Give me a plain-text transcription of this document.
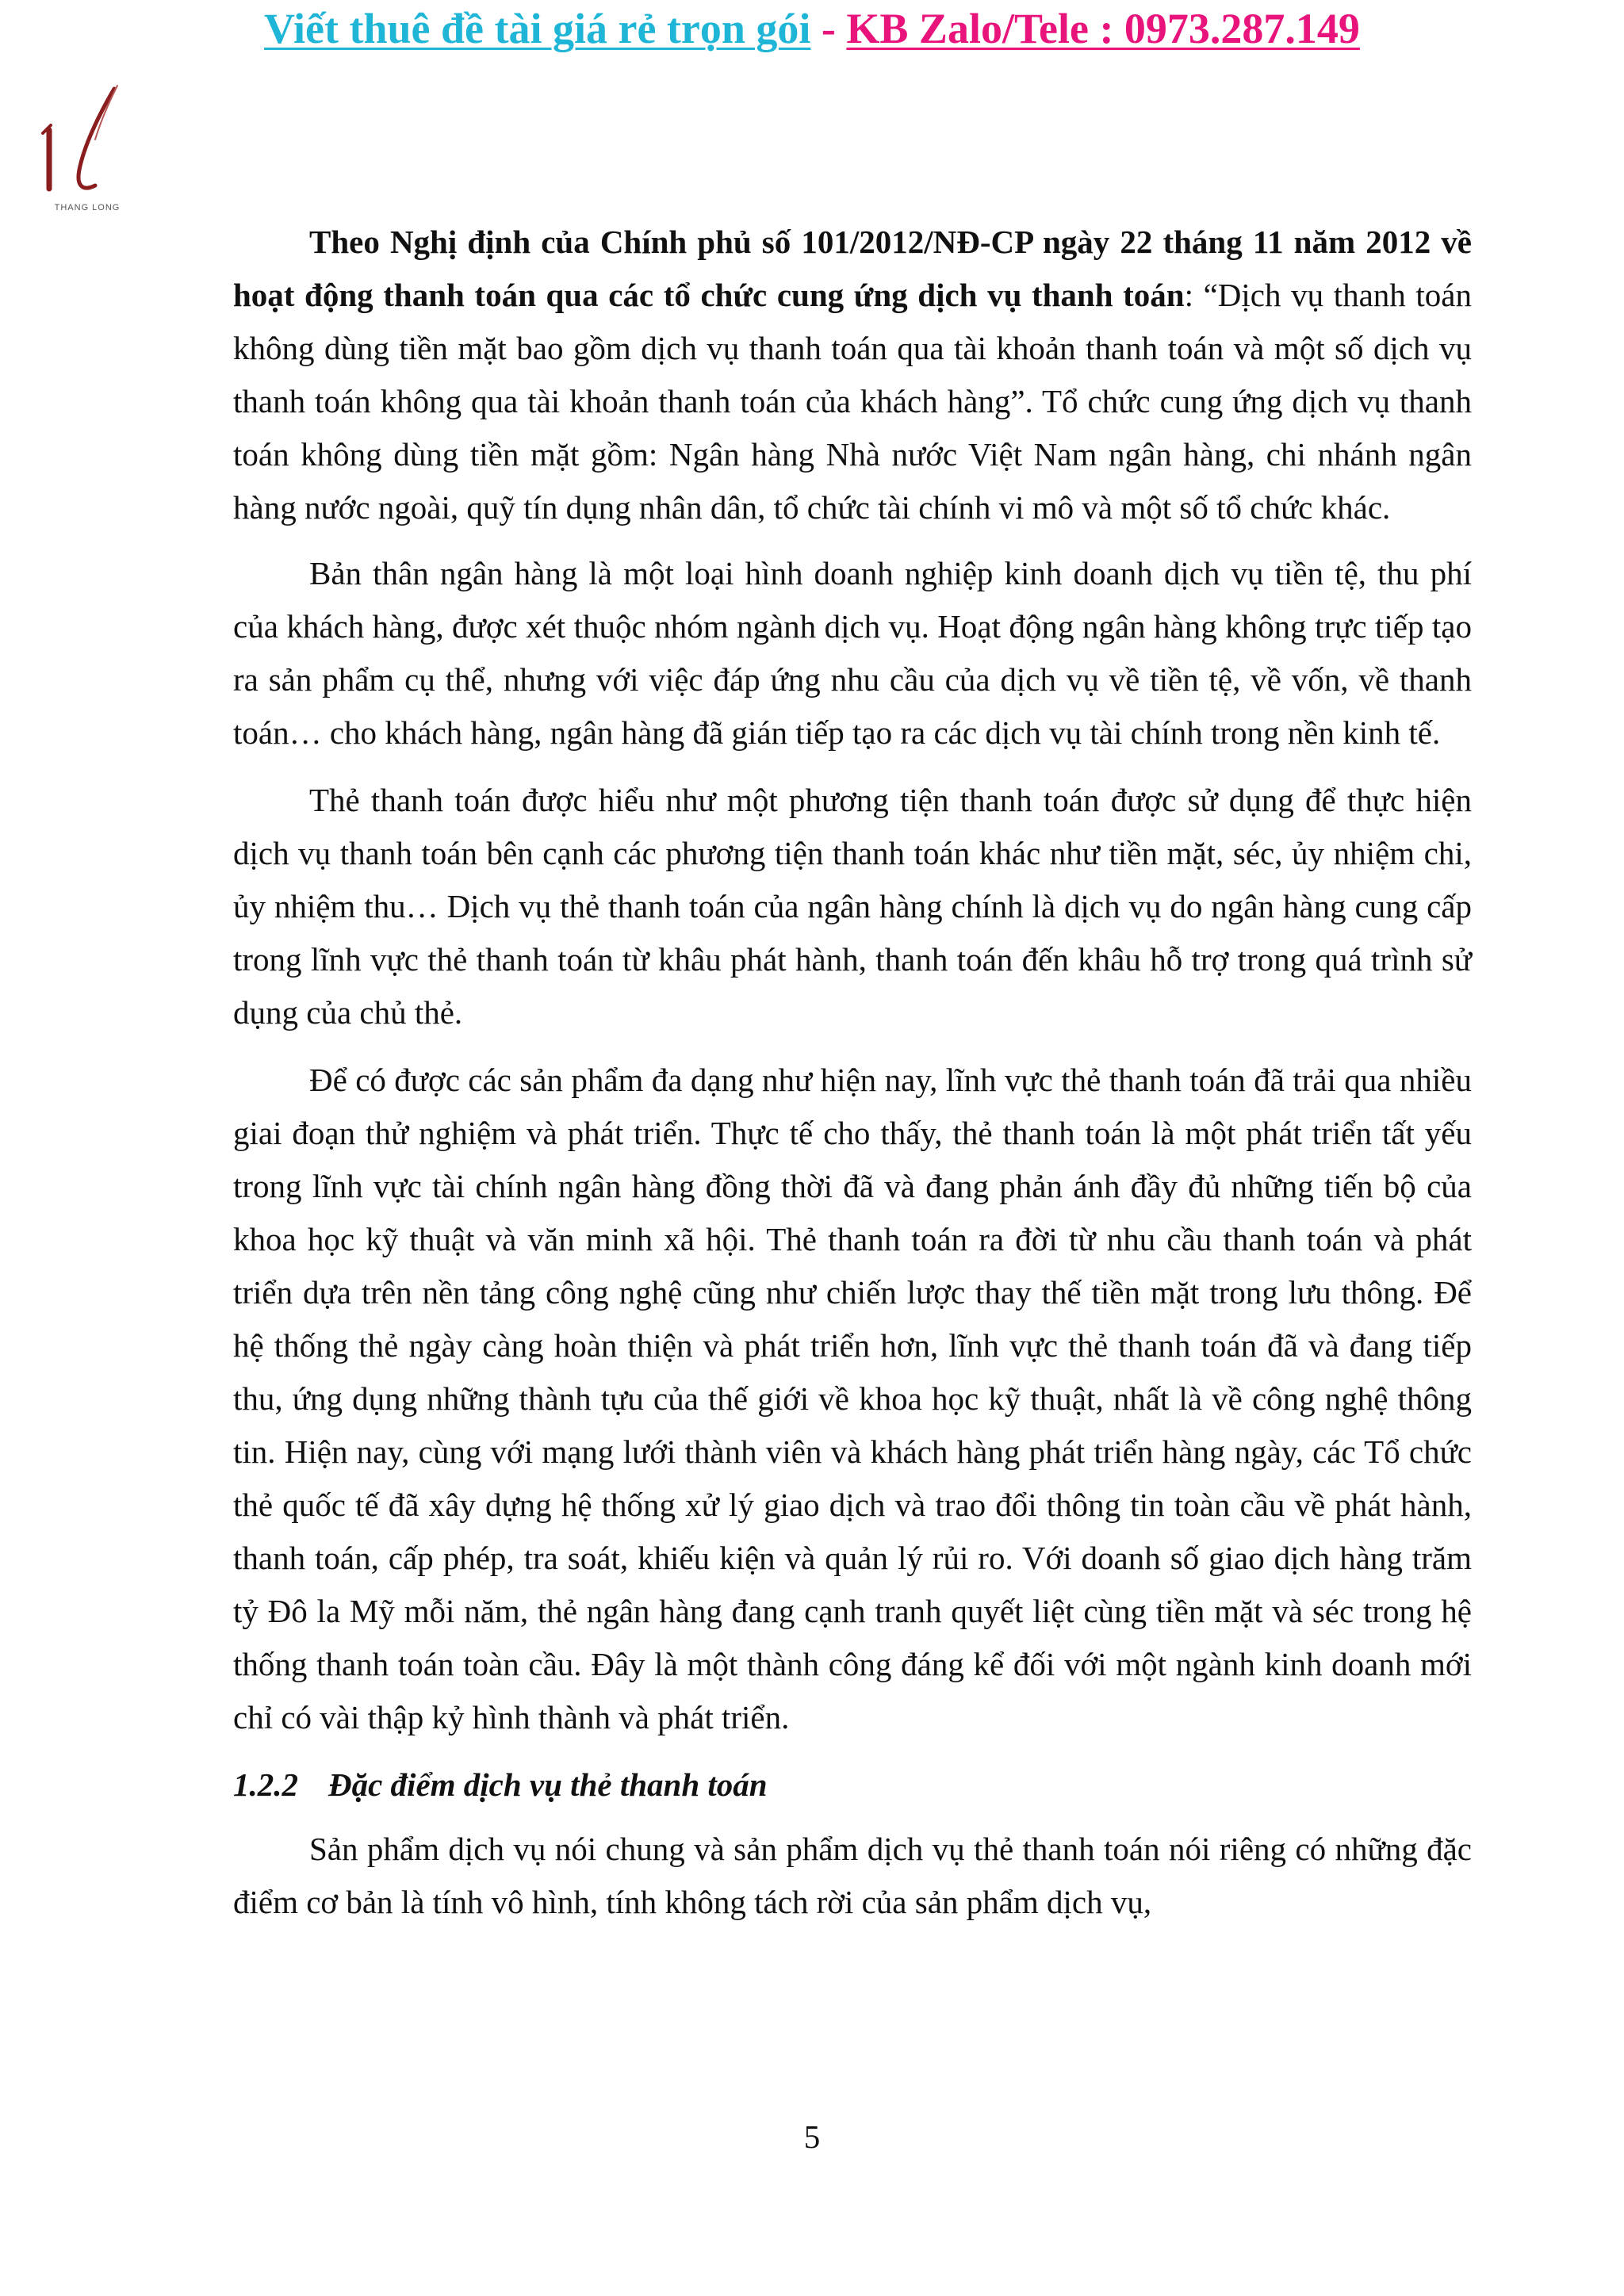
Viết thuê đề tài giá rẻ trọn gói - KB Zalo/Tele : 0973.287.149
THANG LONG

Theo Nghị định của Chính phủ số 101/2012/NĐ-CP ngày 22 tháng 11 năm 2012 về hoạt động thanh toán qua các tổ chức cung ứng dịch vụ thanh toán: “Dịch vụ thanh toán không dùng tiền mặt bao gồm dịch vụ thanh toán qua tài khoản thanh toán và một số dịch vụ thanh toán không qua tài khoản thanh toán của khách hàng”. Tổ chức cung ứng dịch vụ thanh toán không dùng tiền mặt gồm: Ngân hàng Nhà nước Việt Nam ngân hàng, chi nhánh ngân hàng nước ngoài, quỹ tín dụng nhân dân, tổ chức tài chính vi mô và một số tổ chức khác.

Bản thân ngân hàng là một loại hình doanh nghiệp kinh doanh dịch vụ tiền tệ, thu phí của khách hàng, được xét thuộc nhóm ngành dịch vụ. Hoạt động ngân hàng không trực tiếp tạo ra sản phẩm cụ thể, nhưng với việc đáp ứng nhu cầu của dịch vụ về tiền tệ, về vốn, về thanh toán… cho khách hàng, ngân hàng đã gián tiếp tạo ra các dịch vụ tài chính trong nền kinh tế.

Thẻ thanh toán được hiểu như một phương tiện thanh toán được sử dụng để thực hiện dịch vụ thanh toán bên cạnh các phương tiện thanh toán khác như tiền mặt, séc, ủy nhiệm chi, ủy nhiệm thu… Dịch vụ thẻ thanh toán của ngân hàng chính là dịch vụ do ngân hàng cung cấp trong lĩnh vực thẻ thanh toán từ khâu phát hành, thanh toán đến khâu hỗ trợ trong quá trình sử dụng của chủ thẻ.

Để có được các sản phẩm đa dạng như hiện nay, lĩnh vực thẻ thanh toán đã trải qua nhiều giai đoạn thử nghiệm và phát triển. Thực tế cho thấy, thẻ thanh toán là một phát triển tất yếu trong lĩnh vực tài chính ngân hàng đồng thời đã và đang phản ánh đầy đủ những tiến bộ của khoa học kỹ thuật và văn minh xã hội. Thẻ thanh toán ra đời từ nhu cầu thanh toán và phát triển dựa trên nền tảng công nghệ cũng như chiến lược thay thế tiền mặt trong lưu thông. Để hệ thống thẻ ngày càng hoàn thiện và phát triển hơn, lĩnh vực thẻ thanh toán đã và đang tiếp thu, ứng dụng những thành tựu của thế giới về khoa học kỹ thuật, nhất là về công nghệ thông tin. Hiện nay, cùng với mạng lưới thành viên và khách hàng phát triển hàng ngày, các Tổ chức thẻ quốc tế đã xây dựng hệ thống xử lý giao dịch và trao đổi thông tin toàn cầu về phát hành, thanh toán, cấp phép, tra soát, khiếu kiện và quản lý rủi ro. Với doanh số giao dịch hàng trăm tỷ Đô la Mỹ mỗi năm, thẻ ngân hàng đang cạnh tranh quyết liệt cùng tiền mặt và séc trong hệ thống thanh toán toàn cầu. Đây là một thành công đáng kể đối với một ngành kinh doanh mới chỉ có vài thập kỷ hình thành và phát triển.

1.2.2 Đặc điểm dịch vụ thẻ thanh toán

Sản phẩm dịch vụ nói chung và sản phẩm dịch vụ thẻ thanh toán nói riêng có những đặc điểm cơ bản là tính vô hình, tính không tách rời của sản phẩm dịch vụ,

5
